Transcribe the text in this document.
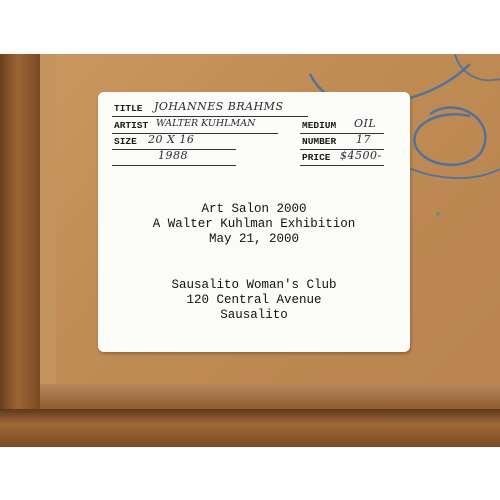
TITLE JOHANNES BRAHMS
ARTIST WALTER KUHLMAN	MEDIUM OIL
SIZE 20 X 16	NUMBER 17
1988	PRICE $4500-
Art Salon 2000
A Walter Kuhlman Exhibition
May 21, 2000
Sausalito Woman's Club
120 Central Avenue
Sausalito
